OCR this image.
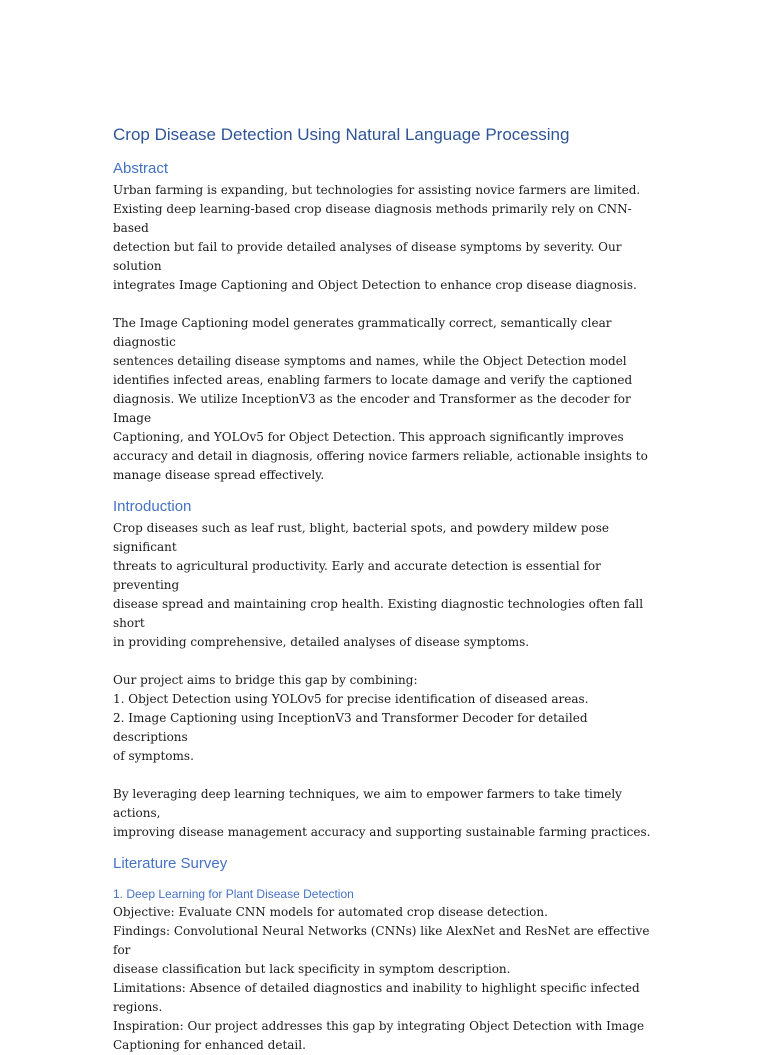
Crop Disease Detection Using Natural Language Processing
Abstract

Urban farming is expanding, but technologies for assisting novice farmers are limited.
Existing deep learning-based crop disease diagnosis methods primarily rely on CNN-based
detection but fail to provide detailed analyses of disease symptoms by severity. Our solution
integrates Image Captioning and Object Detection to enhance crop disease diagnosis.

The Image Captioning model generates grammatically correct, semantically clear diagnostic
sentences detailing disease symptoms and names, while the Object Detection model
identifies infected areas, enabling farmers to locate damage and verify the captioned
diagnosis. We utilize InceptionV3 as the encoder and Transformer as the decoder for Image
Captioning, and YOLOv5 for Object Detection. This approach significantly improves
accuracy and detail in diagnosis, offering novice farmers reliable, actionable insights to
manage disease spread effectively.

Introduction

Crop diseases such as leaf rust, blight, bacterial spots, and powdery mildew pose significant
threats to agricultural productivity. Early and accurate detection is essential for preventing
disease spread and maintaining crop health. Existing diagnostic technologies often fall short
in providing comprehensive, detailed analyses of disease symptoms.

Our project aims to bridge this gap by combining:
1. Object Detection using YOLOv5 for precise identification of diseased areas.
2. Image Captioning using InceptionV3 and Transformer Decoder for detailed descriptions
of symptoms.

By leveraging deep learning techniques, we aim to empower farmers to take timely actions,
improving disease management accuracy and supporting sustainable farming practices.

Literature Survey
1. Deep Learning for Plant Disease Detection

Objective: Evaluate CNN models for automated crop disease detection.
Findings: Convolutional Neural Networks (CNNs) like AlexNet and ResNet are effective for
disease classification but lack specificity in symptom description.
Limitations: Absence of detailed diagnostics and inability to highlight specific infected
regions.
Inspiration: Our project addresses this gap by integrating Object Detection with Image
Captioning for enhanced detail.
